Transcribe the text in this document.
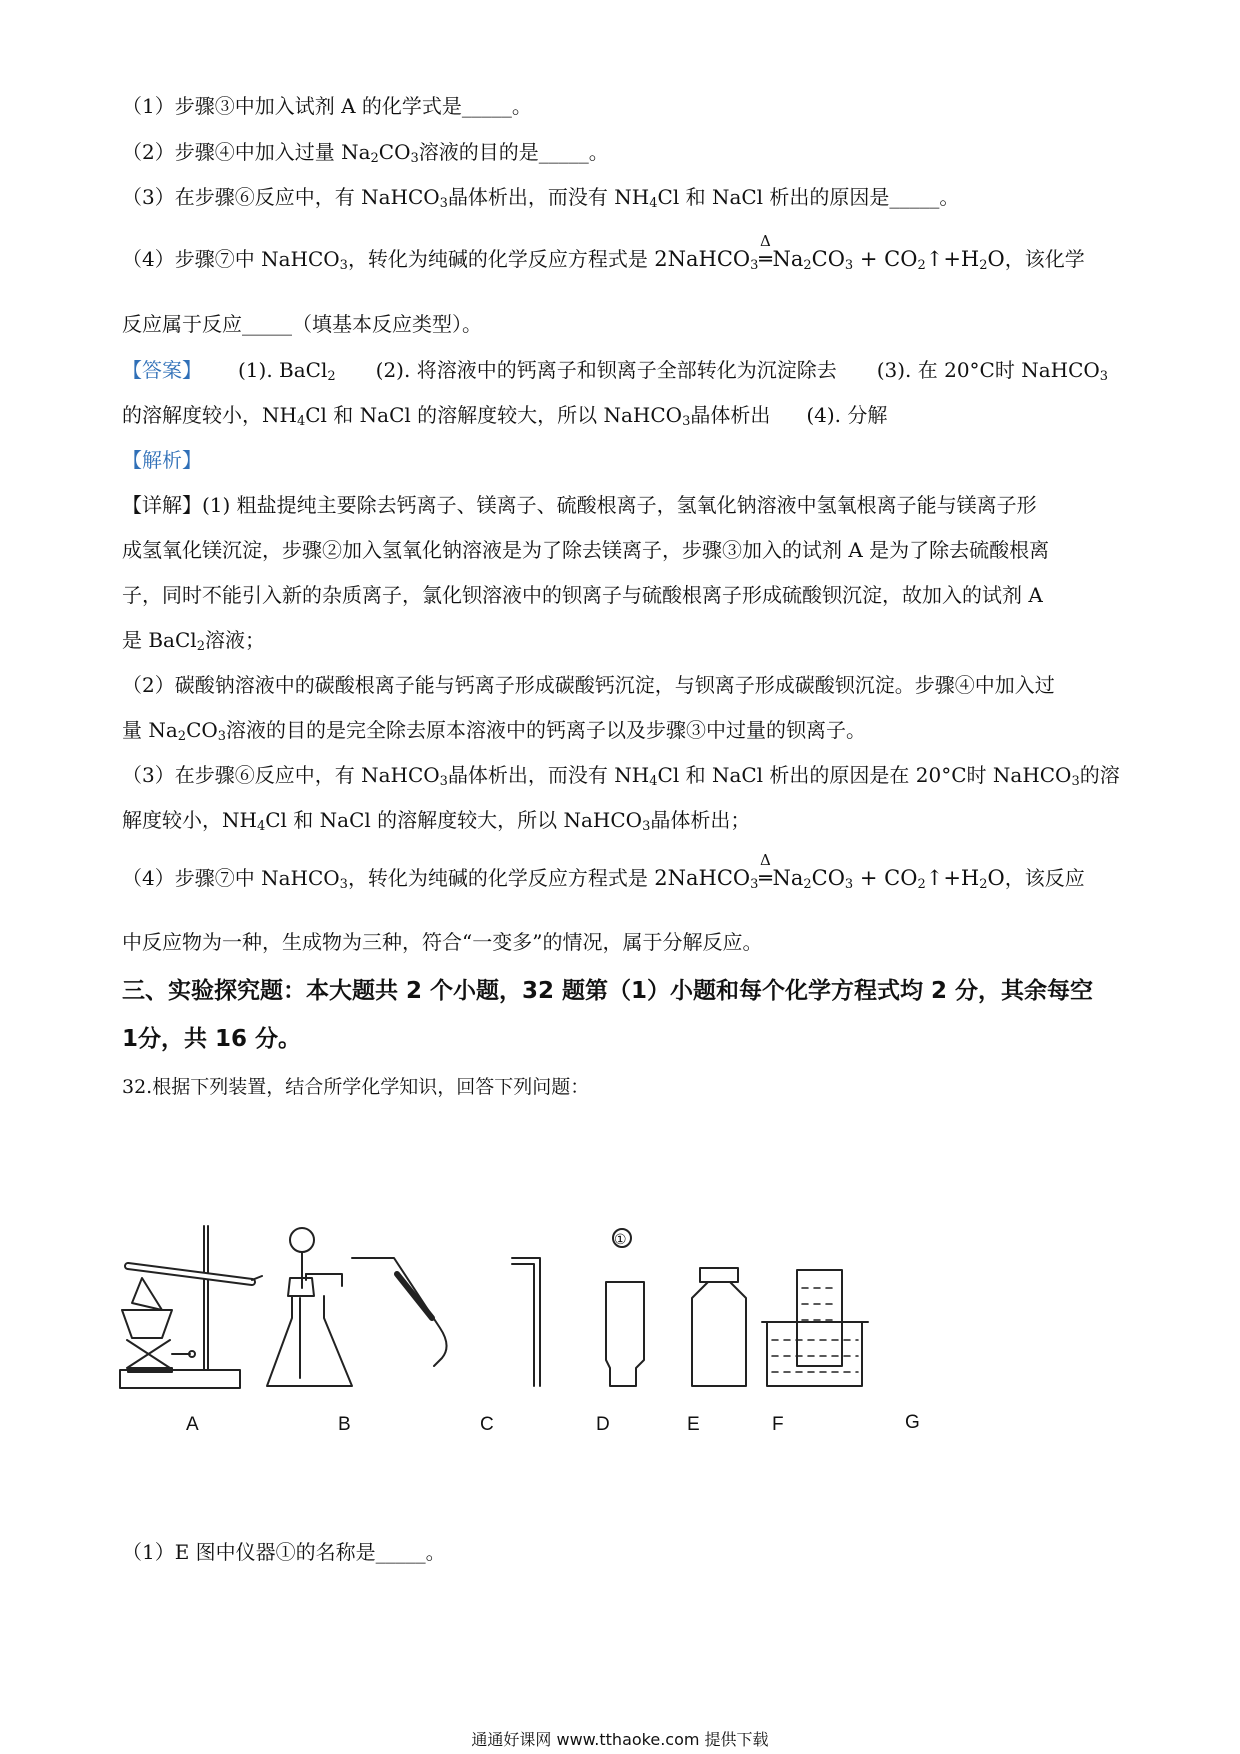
（1）步骤③中加入试剂 A 的化学式是_____。
（2）步骤④中加入过量 $Na_2CO_3$溶液的目的是_____。
（3）在步骤⑥反应中，有 NaHCO$_3$晶体析出，而没有 $NH_4Cl$ 和 NaCl 析出的原因是_____。
（4）步骤⑦中 NaHCO$_3$，转化为纯碱的化学反应方程式是 2NaHCO$_3$
Δ
$═Na_2CO_3$ + $CO_2↑+H_2O$，该化学
反应属于反应_____（填基本反应类型）。
【答案】 (1). BaCl$_2$ (2). 将溶液中的钙离子和钡离子全部转化为沉淀除去 (3). 在 20°C时 NaHCO$_3$
的溶解度较小，$NH_4Cl$ 和 NaCl 的溶解度较大，所以 NaHCO$_3$晶体析出 (4). 分解
【解析】
【详解】(1) 粗盐提纯主要除去钙离子、镁离子、硫酸根离子，氢氧化钠溶液中氢氧根离子能与镁离子形
成氢氧化镁沉淀，步骤②加入氢氧化钠溶液是为了除去镁离子，步骤③加入的试剂 A 是为了除去硫酸根离
子，同时不能引入新的杂质离子，氯化钡溶液中的钡离子与硫酸根离子形成硫酸钡沉淀，故加入的试剂 A
是 BaCl$_2$溶液；
（2）碳酸钠溶液中的碳酸根离子能与钙离子形成碳酸钙沉淀，与钡离子形成碳酸钡沉淀。步骤④中加入过
量 $Na_2CO_3$溶液的目的是完全除去原本溶液中的钙离子以及步骤③中过量的钡离子。
（3）在步骤⑥反应中，有 NaHCO$_3$晶体析出，而没有 $NH_4Cl$ 和 NaCl 析出的原因是在 20°C时 NaHCO$_3$的溶
解度较小，$NH_4Cl$ 和 NaCl 的溶解度较大，所以 NaHCO$_3$晶体析出；
（4）步骤⑦中 NaHCO$_3$，转化为纯碱的化学反应方程式是 2NaHCO$_3$
Δ
$═Na_2CO_3$ + $CO_2↑+H_2O$，该反应
中反应物为一种，生成物为三种，符合“一变多”的情况，属于分解反应。
三、实验探究题：本大题共 2 个小题，32 题第（1）小题和每个化学方程式均 2 分，其余每空
1分，共 16 分。
32.根据下列装置，结合所学化学知识，回答下列问题：
A	B	C	D	E	F	G
①
（1）E 图中仪器①的名称是_____。
通通好课网 www.tthaoke.com 提供下载
